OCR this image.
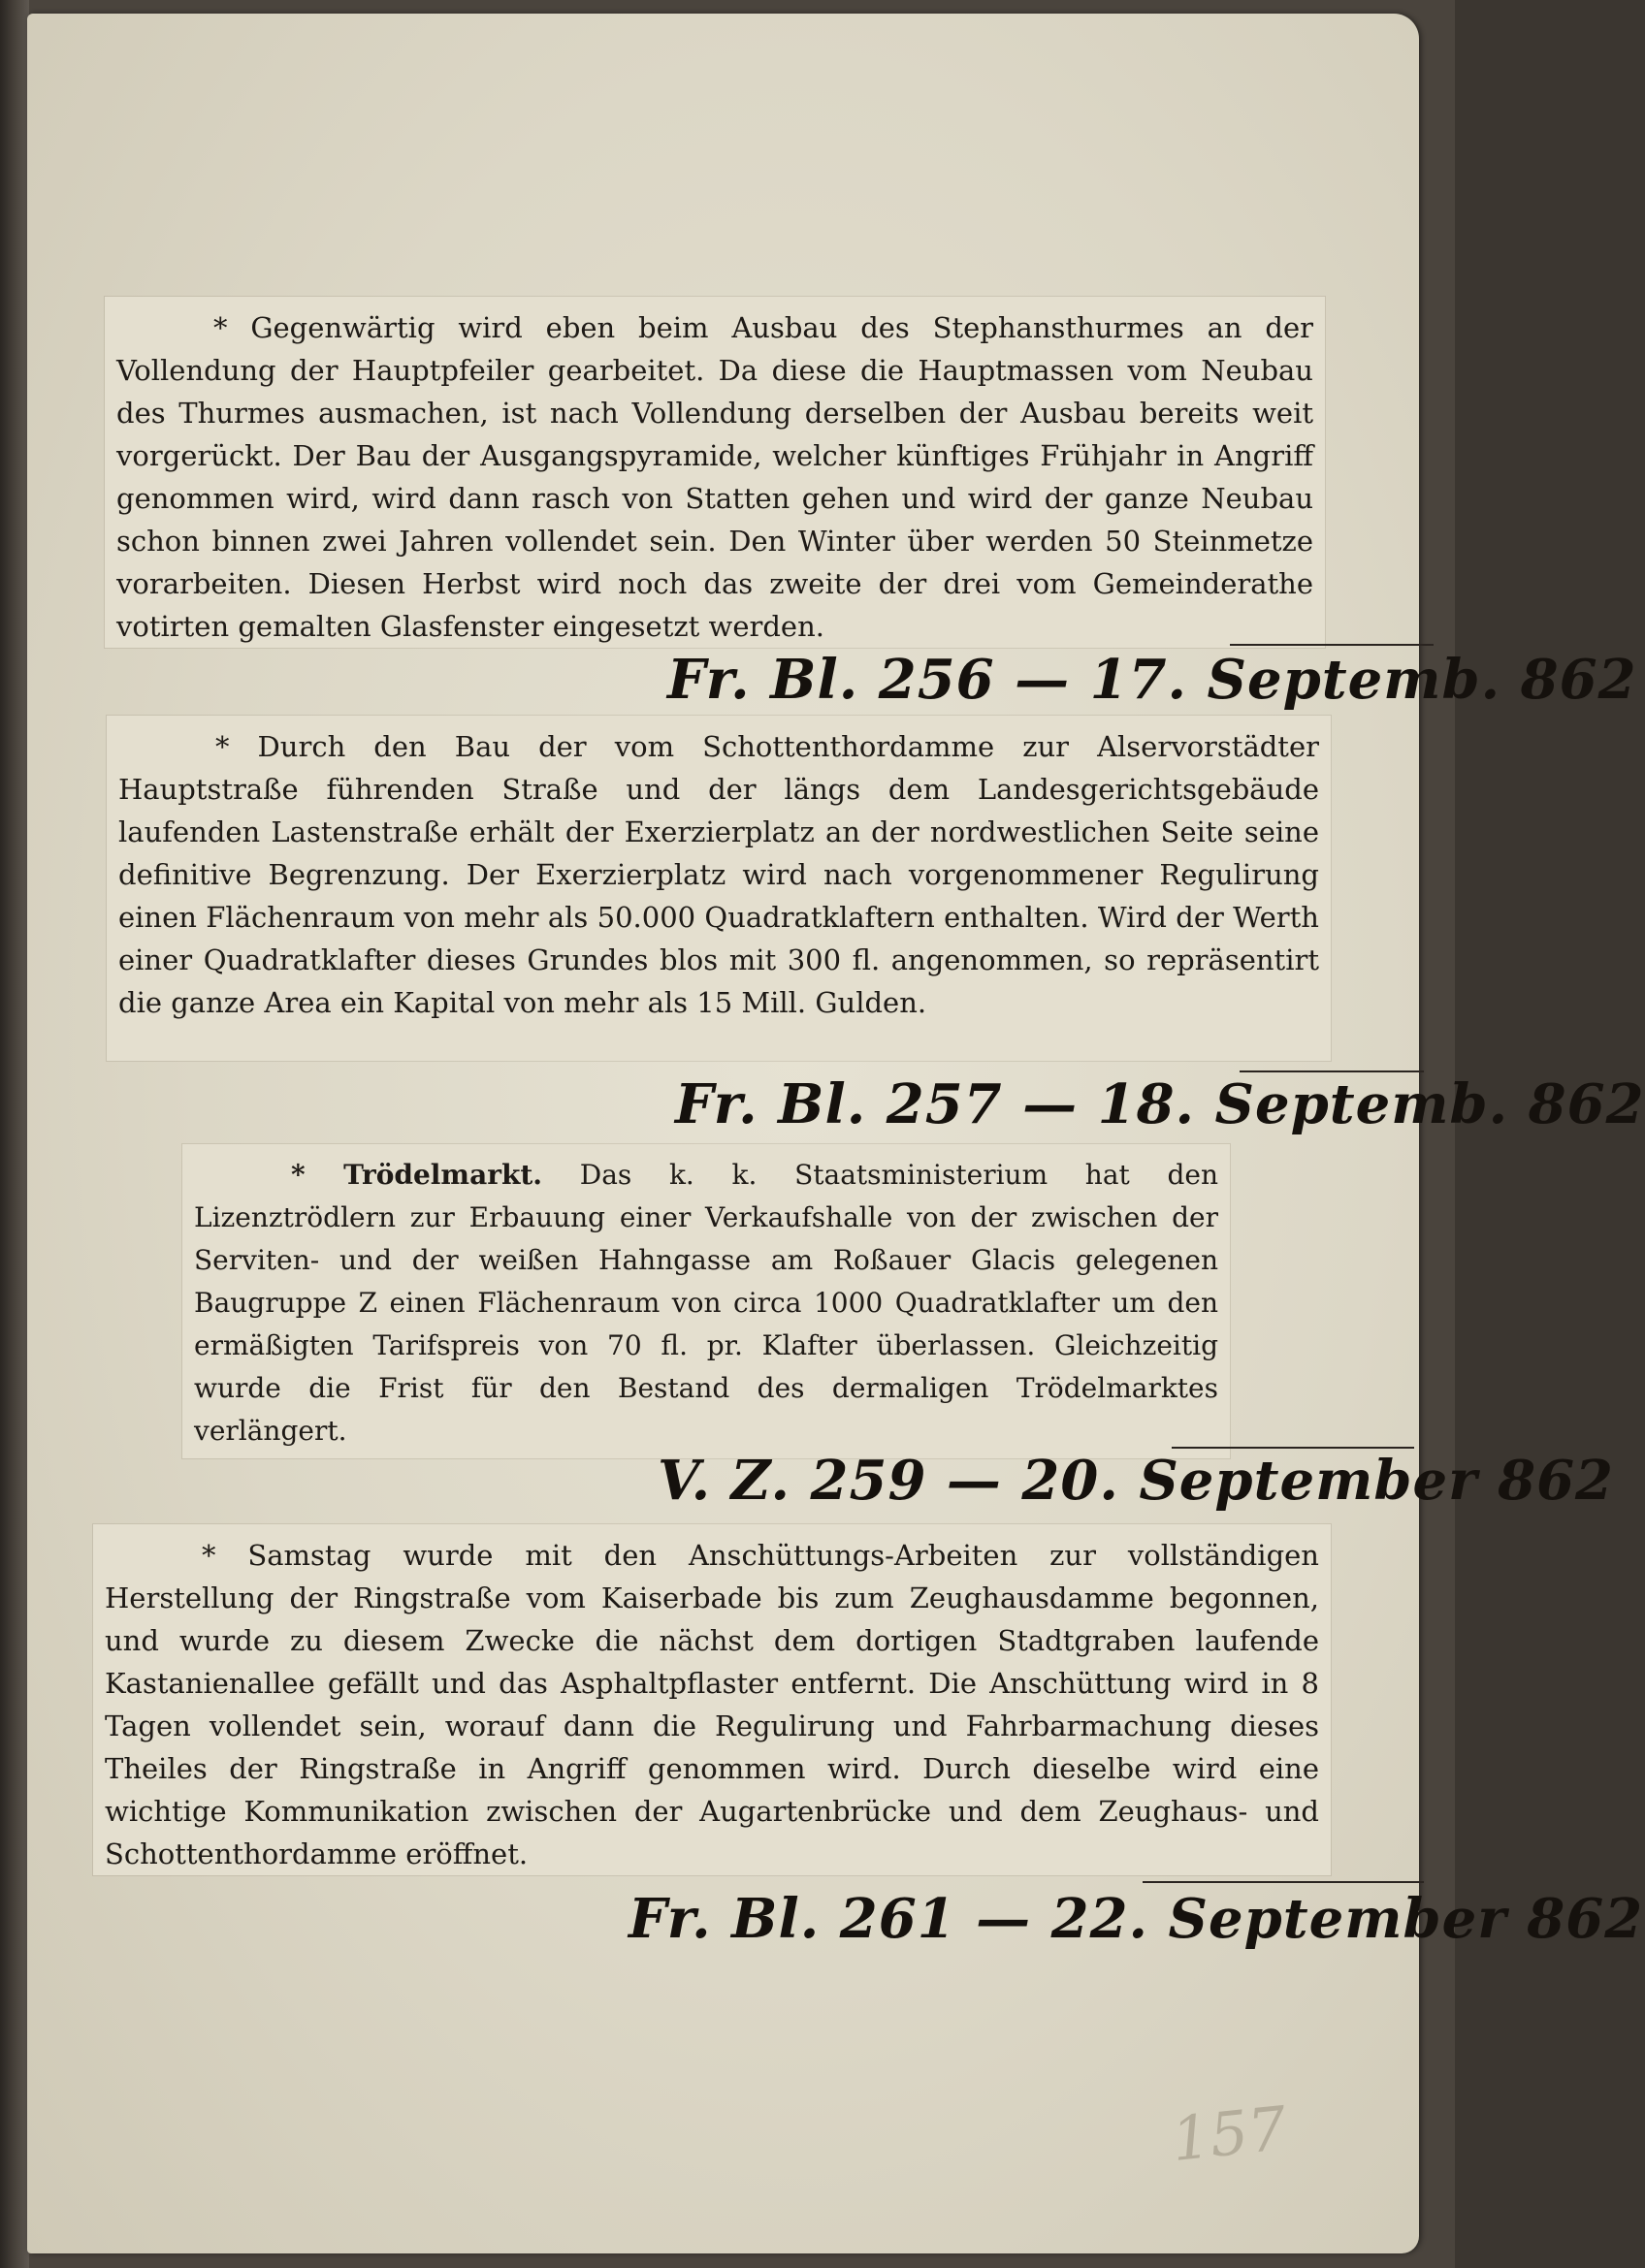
* Gegenwärtig wird eben beim Ausbau des Stephansthurmes an der Vollendung der Hauptpfeiler gearbeitet. Da diese die Hauptmassen vom Neubau des Thurmes ausmachen, ist nach Vollendung derselben der Ausbau bereits weit vorgerückt. Der Bau der Ausgangspyramide, welcher künftiges Frühjahr in Angriff genommen wird, wird dann rasch von Statten gehen und wird der ganze Neubau schon binnen zwei Jahren vollendet sein. Den Winter über werden 50 Steinmetze vorarbeiten. Diesen Herbst wird noch das zweite der drei vom Gemeinderathe votirten gemalten Glasfenster eingesetzt werden.

Fr. Bl. 256 — 17. Septemb. 862

* Durch den Bau der vom Schottenthordamme zur Alservorstädter Hauptstraße führenden Straße und der längs dem Landesgerichtsgebäude laufenden Lastenstraße erhält der Exerzierplatz an der nordwestlichen Seite seine definitive Begrenzung. Der Exerzierplatz wird nach vorgenommener Regulirung einen Flächenraum von mehr als 50.000 Quadratklaftern enthalten. Wird der Werth einer Quadratklafter dieses Grundes blos mit 300 fl. angenommen, so repräsentirt die ganze Area ein Kapital von mehr als 15 Mill. Gulden.

Fr. Bl. 257 — 18. Septemb. 862

* Trödelmarkt. Das k. k. Staatsministerium hat den Lizenztrödlern zur Erbauung einer Verkaufshalle von der zwischen der Serviten- und der weißen Hahngasse am Roßauer Glacis gelegenen Baugruppe Z einen Flächenraum von circa 1000 Quadratklafter um den ermäßigten Tarifspreis von 70 fl. pr. Klafter überlassen. Gleichzeitig wurde die Frist für den Bestand des dermaligen Trödelmarktes verlängert.

V. Z. 259 — 20. September 862

* Samstag wurde mit den Anschüttungs-Arbeiten zur vollständigen Herstellung der Ringstraße vom Kaiserbade bis zum Zeughausdamme begonnen, und wurde zu diesem Zwecke die nächst dem dortigen Stadtgraben laufende Kastanienallee gefällt und das Asphaltpflaster entfernt. Die Anschüttung wird in 8 Tagen vollendet sein, worauf dann die Regulirung und Fahrbarmachung dieses Theiles der Ringstraße in Angriff genommen wird. Durch dieselbe wird eine wichtige Kommunikation zwischen der Augartenbrücke und dem Zeughaus- und Schottenthordamme eröffnet.

Fr. Bl. 261 — 22. September 862
157
